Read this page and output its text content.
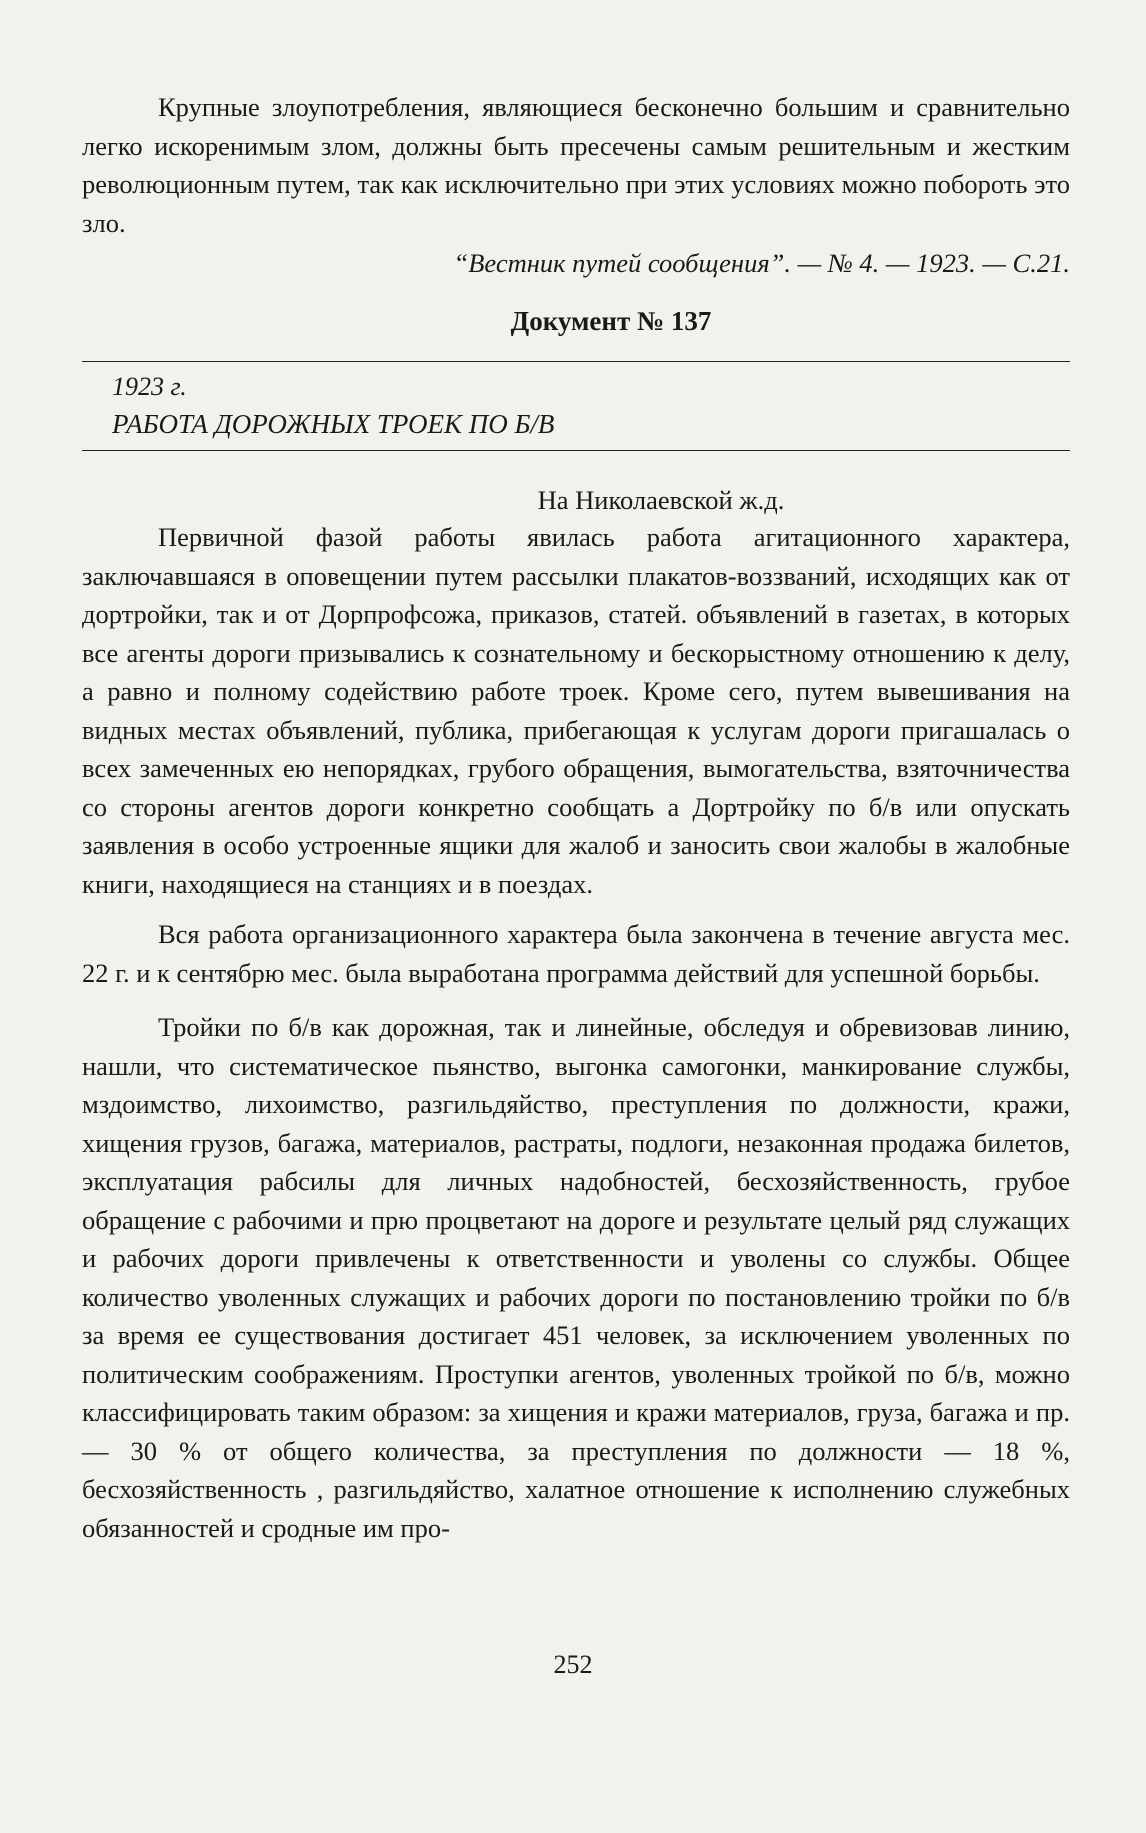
Крупные злоупотребления, являющиеся бесконечно большим и сравнительно легко искоренимым злом, должны быть пресечены самым решительным и жестким революционным путем, так как исключительно при этих условиях можно побороть это зло.

“Вестник путей сообщения”. — № 4. — 1923. — С.21.
Документ № 137
1923 г.
РАБОТА ДОРОЖНЫХ ТРОЕК ПО Б/В
На Николаевской ж.д.

Первичной фазой работы явилась работа агитационного характера, заключавшаяся в оповещении путем рассылки плакатов-воззваний, исходящих как от дортройки, так и от Дорпрофсожа, приказов, статей. объявлений в газетах, в которых все агенты дороги призывались к сознательному и бескорыстному отношению к делу, а равно и полному содействию работе троек. Кроме сего, путем вывешивания на видных местах объявлений, публика, прибегающая к услугам дороги пригашалась о всех замеченных ею непорядках, грубого обращения, вымогательства, взяточничества со стороны агентов дороги конкретно сообщать а Дортройку по б/в или опускать заявления в особо устроенные ящики для жалоб и заносить свои жалобы в жалобные книги, находящиеся на станциях и в поездах.

Вся работа организационного характера была закончена в течение августа мес. 22 г. и к сентябрю мес. была выработана программа действий для успешной борьбы.

Тройки по б/в как дорожная, так и линейные, обследуя и обревизовав линию, нашли, что систематическое пьянство, выгонка самогонки, манкирование службы, мздоимство, лихоимство, разгильдяйство, преступления по должности, кражи, хищения грузов, багажа, материалов, растраты, подлоги, незаконная продажа билетов, эксплуатация рабсилы для личных надобностей, бесхозяйственность, грубое обращение с рабочими и прю процветают на дороге и результате целый ряд служащих и рабочих дороги привлечены к ответственности и уволены со службы. Общее количество уволенных служащих и рабочих дороги по постановлению тройки по б/в за время ее существования достигает 451 человек, за исключением уволенных по политическим соображениям. Проступки агентов, уволенных тройкой по б/в, можно классифицировать таким образом: за хищения и кражи материалов, груза, багажа и пр. — 30 % от общего количества, за преступления по должности — 18 %, бесхозяйственность , разгильдяйство, халатное отношение к исполнению служебных обязанностей и сродные им про-

252
